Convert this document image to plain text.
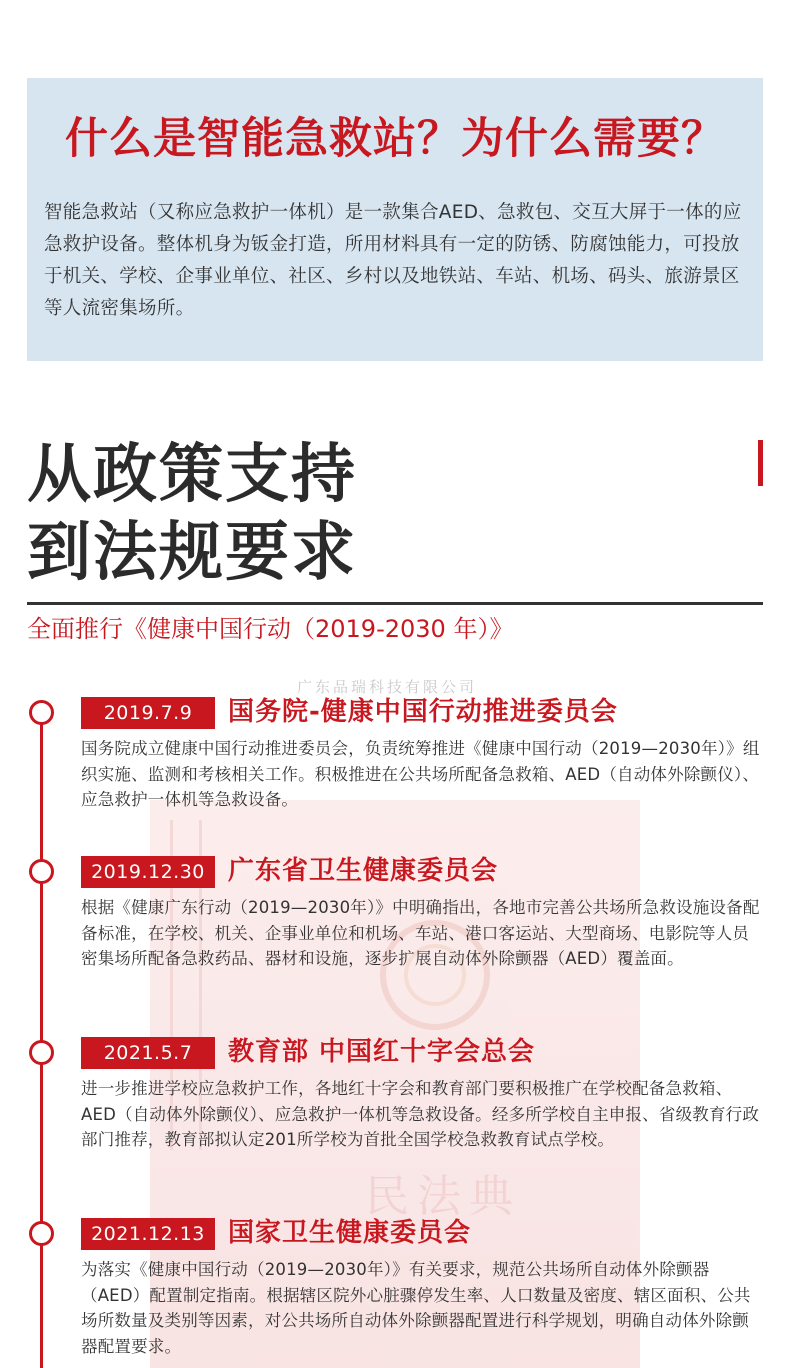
什么是智能急救站？为什么需要？
智能急救站（又称应急救护一体机）是一款集合AED、急救包、交互大屏于一体的应急救护设备。整体机身为钣金打造，所用材料具有一定的防锈、防腐蚀能力，可投放于机关、学校、企事业单位、社区、乡村以及地铁站、车站、机场、码头、旅游景区等人流密集场所。
从政策支持
到法规要求
全面推行《健康中国行动（2019-2030 年）》
广东品瑞科技有限公司
民法典
2019.7.9	国务院-健康中国行动推进委员会
国务院成立健康中国行动推进委员会，负责统筹推进《健康中国行动（2019—2030年）》组织实施、监测和考核相关工作。积极推进在公共场所配备急救箱、AED（自动体外除颤仪）、应急救护一体机等急救设备。
2019.12.30 广东省卫生健康委员会
根据《健康广东行动（2019—2030年）》中明确指出，各地市完善公共场所急救设施设备配备标准，在学校、机关、企事业单位和机场、车站、港口客运站、大型商场、电影院等人员密集场所配备急救药品、器材和设施，逐步扩展自动体外除颤器（AED）覆盖面。
2021.5.7	教育部 中国红十字会总会
进一步推进学校应急救护工作，各地红十字会和教育部门要积极推广在学校配备急救箱、AED（自动体外除颤仪）、应急救护一体机等急救设备。经多所学校自主申报、省级教育行政部门推荐，教育部拟认定201所学校为首批全国学校急救教育试点学校。
2021.12.13 国家卫生健康委员会
为落实《健康中国行动（2019—2030年）》有关要求，规范公共场所自动体外除颤器（AED）配置制定指南。根据辖区院外心脏骤停发生率、人口数量及密度、辖区面积、公共场所数量及类别等因素，对公共场所自动体外除颤器配置进行科学规划，明确自动体外除颤器配置要求。
